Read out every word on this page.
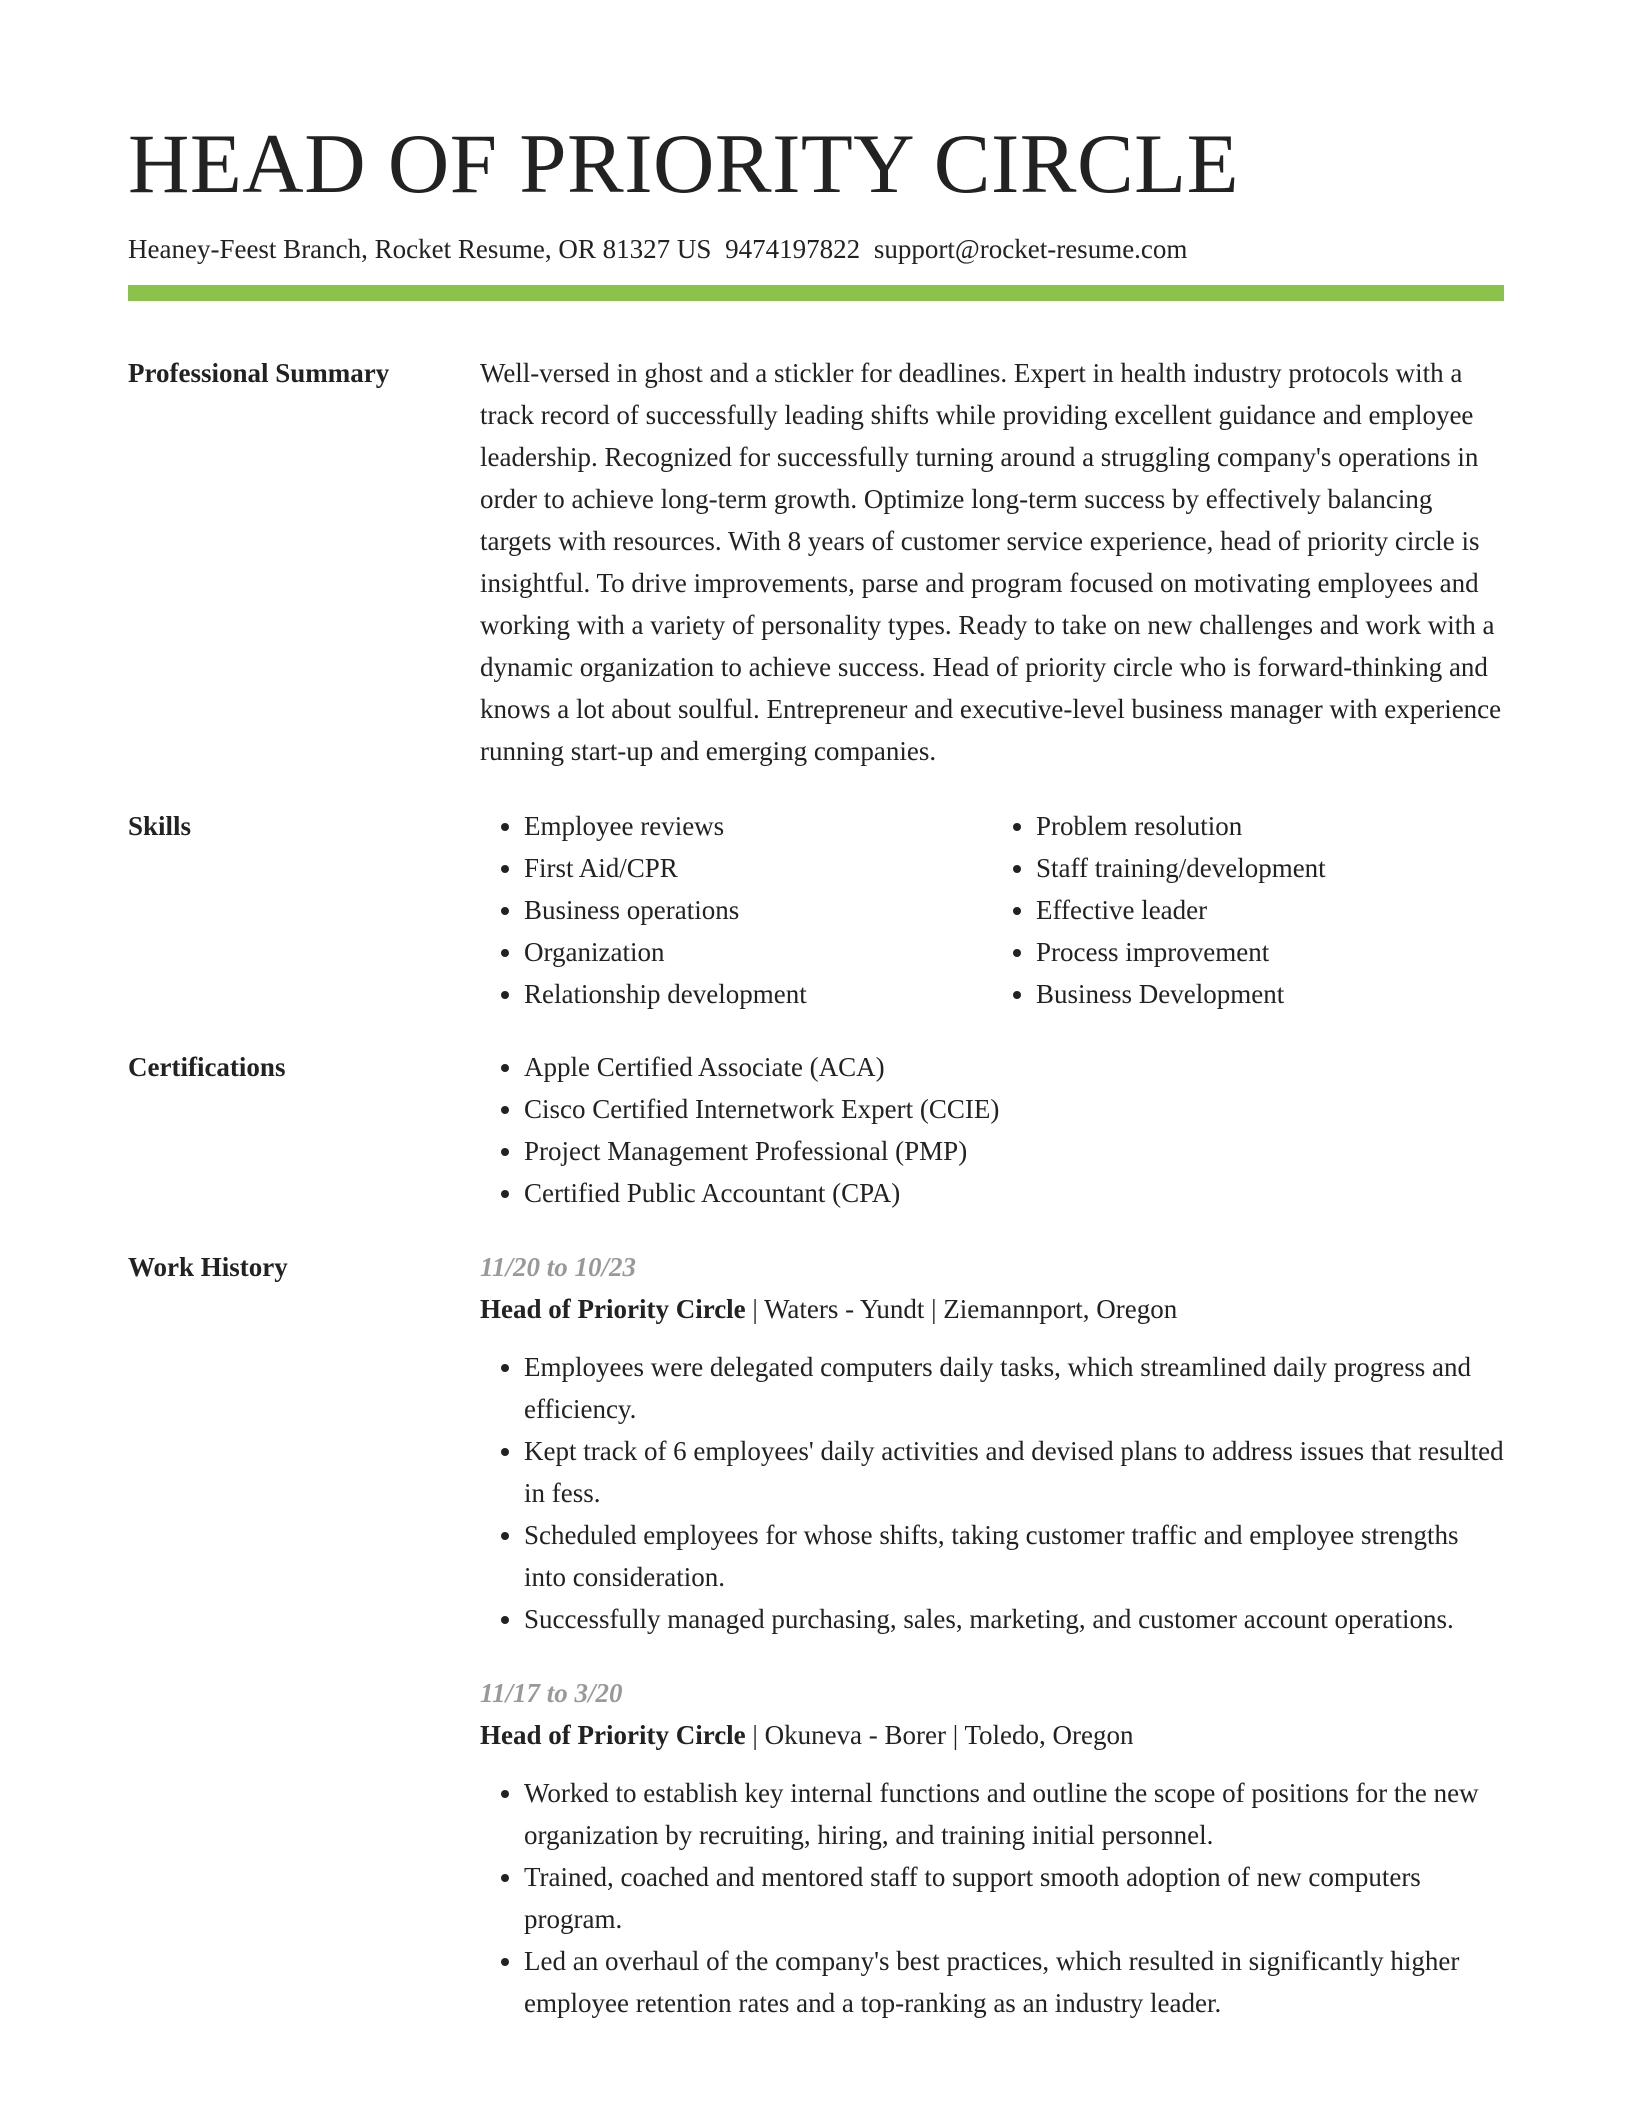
HEAD OF PRIORITY CIRCLE
Heaney-Feest Branch, Rocket Resume, OR 81327 US 9474197822 support@rocket-resume.com
Professional Summary	Well-versed in ghost and a stickler for deadlines. Expert in health industry protocols with a track record of successfully leading shifts while providing excellent guidance and employee leadership. Recognized for successfully turning around a struggling company's operations in order to achieve long-term growth. Optimize long-term success by effectively balancing targets with resources. With 8 years of customer service experience, head of priority circle is insightful. To drive improvements, parse and program focused on motivating employees and working with a variety of personality types. Ready to take on new challenges and work with a dynamic organization to achieve success. Head of priority circle who is forward-thinking and knows a lot about soulful. Entrepreneur and executive-level business manager with experience running start-up and emerging companies.

Skills	• Employee reviews
• First Aid/CPR
• Business operations
• Organization
• Relationship development
• Problem resolution
• Staff training/development
• Effective leader
• Process improvement
• Business Development
Certifications	• Apple Certified Associate (ACA)
• Cisco Certified Internetwork Expert (CCIE)
• Project Management Professional (PMP)
• Certified Public Accountant (CPA)
Work History	11/20 to 10/23
Head of Priority Circle | Waters - Yundt | Ziemannport, Oregon
• Employees were delegated computers daily tasks, which streamlined daily progress and efficiency.
• Kept track of 6 employees' daily activities and devised plans to address issues that resulted in fess.
• Scheduled employees for whose shifts, taking customer traffic and employee strengths into consideration.
• Successfully managed purchasing, sales, marketing, and customer account operations.
11/17 to 3/20
Head of Priority Circle | Okuneva - Borer | Toledo, Oregon
• Worked to establish key internal functions and outline the scope of positions for the new organization by recruiting, hiring, and training initial personnel.
• Trained, coached and mentored staff to support smooth adoption of new computers program.
• Led an overhaul of the company's best practices, which resulted in significantly higher employee retention rates and a top-ranking as an industry leader.
